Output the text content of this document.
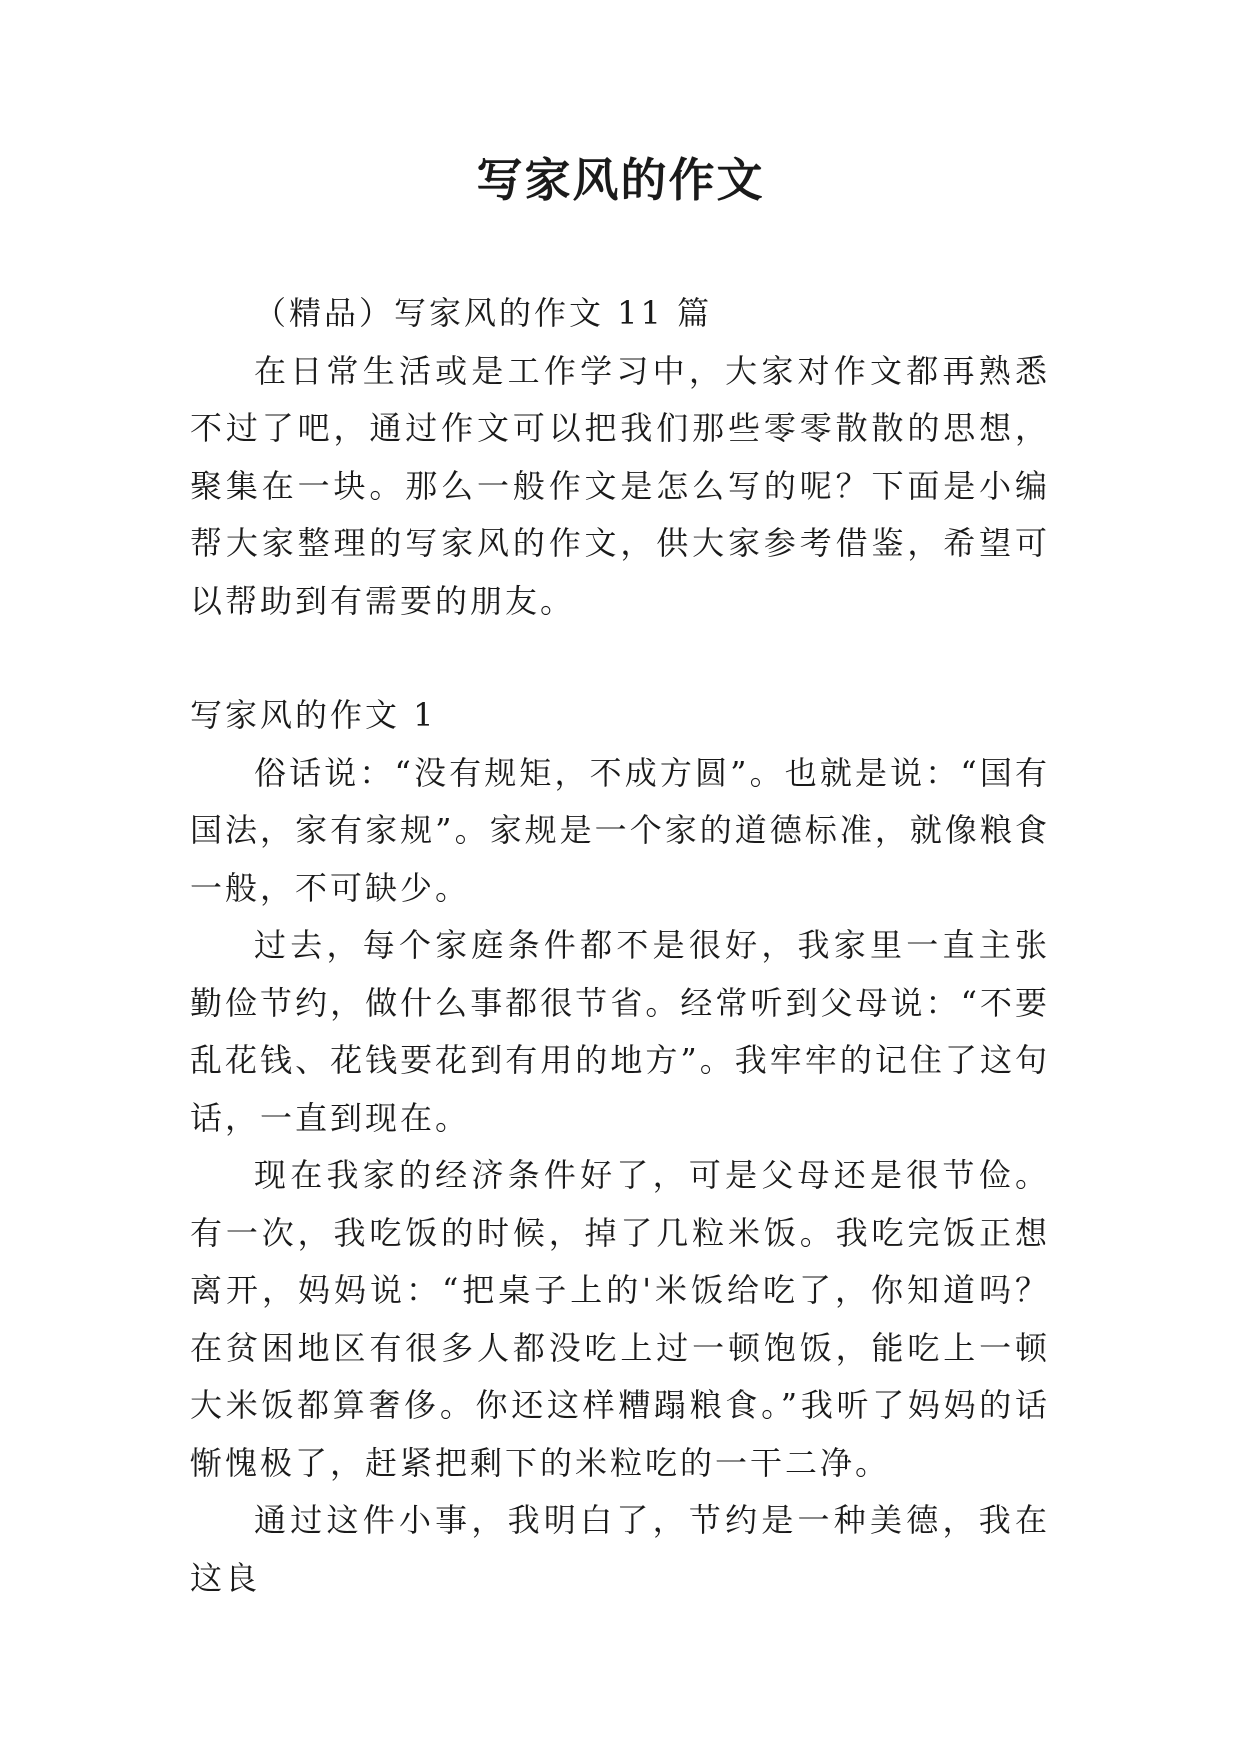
写家风的作文

（精品）写家风的作文 11 篇

在日常生活或是工作学习中，大家对作文都再熟悉不过了吧，通过作文可以把我们那些零零散散的思想，聚集在一块。那么一般作文是怎么写的呢？下面是小编帮大家整理的写家风的作文，供大家参考借鉴，希望可以帮助到有需要的朋友。

写家风的作文 1

俗话说：“没有规矩，不成方圆”。也就是说：“国有国法，家有家规”。家规是一个家的道德标准，就像粮食一般，不可缺少。

过去，每个家庭条件都不是很好，我家里一直主张勤俭节约，做什么事都很节省。经常听到父母说：“不要乱花钱、花钱要花到有用的地方”。我牢牢的记住了这句话，一直到现在。

现在我家的经济条件好了，可是父母还是很节俭。有一次，我吃饭的时候，掉了几粒米饭。我吃完饭正想离开，妈妈说：“把桌子上的'米饭给吃了，你知道吗？在贫困地区有很多人都没吃上过一顿饱饭，能吃上一顿大米饭都算奢侈。你还这样糟蹋粮食。”我听了妈妈的话惭愧极了，赶紧把剩下的米粒吃的一干二净。

通过这件小事，我明白了，节约是一种美德，我在这良
